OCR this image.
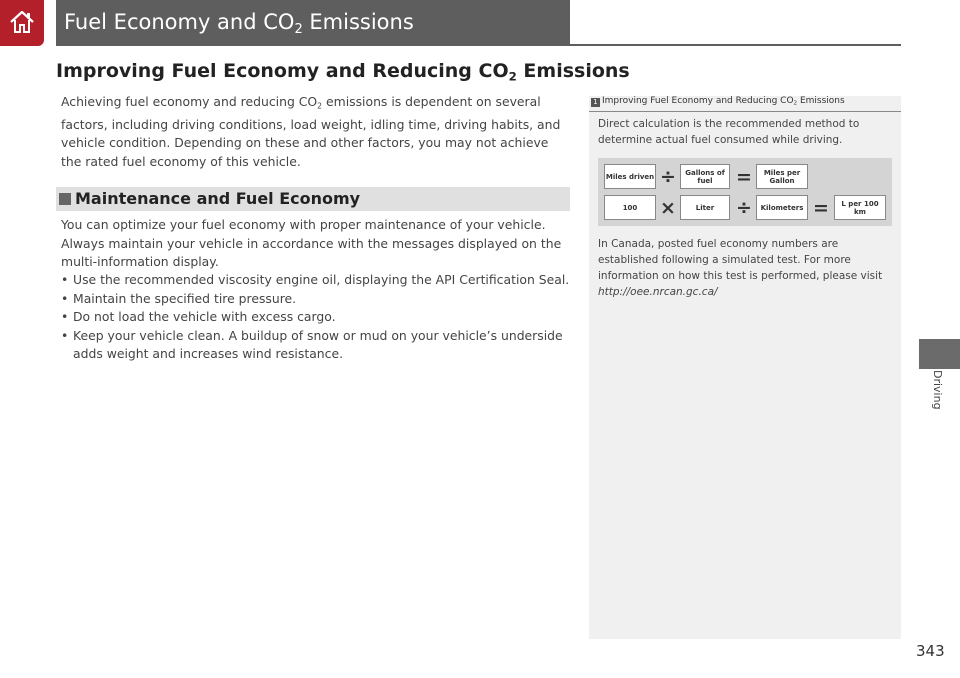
Fuel Economy and $CO_2$ Emissions
Improving Fuel Economy and Reducing $CO_2$ Emissions

Achieving fuel economy and reducing $CO_2$ emissions is dependent on several factors, including driving conditions, load weight, idling time, driving habits, and vehicle condition. Depending on these and other factors, you may not achieve the rated fuel economy of this vehicle.

Maintenance and Fuel Economy

You can optimize your fuel economy with proper maintenance of your vehicle. Always maintain your vehicle in accordance with the messages displayed on the multi-information display.

• Use the recommended viscosity engine oil, displaying the API Certification Seal.
• Maintain the specified tire pressure.
• Do not load the vehicle with excess cargo.
• Keep your vehicle clean. A buildup of snow or mud on your vehicle’s underside adds weight and increases wind resistance.
1 Improving Fuel Economy and Reducing $CO_2$ Emissions

Direct calculation is the recommended method to determine actual fuel consumed while driving.

Miles driven ÷	Gallons of fuel	=	Miles per Gallon
100	×	Liter	÷	Kilometers =	L per 100 km

In Canada, posted fuel economy numbers are established following a simulated test. For more information on how this test is performed, please visit http://oee.nrcan.gc.ca/

Driving
343
